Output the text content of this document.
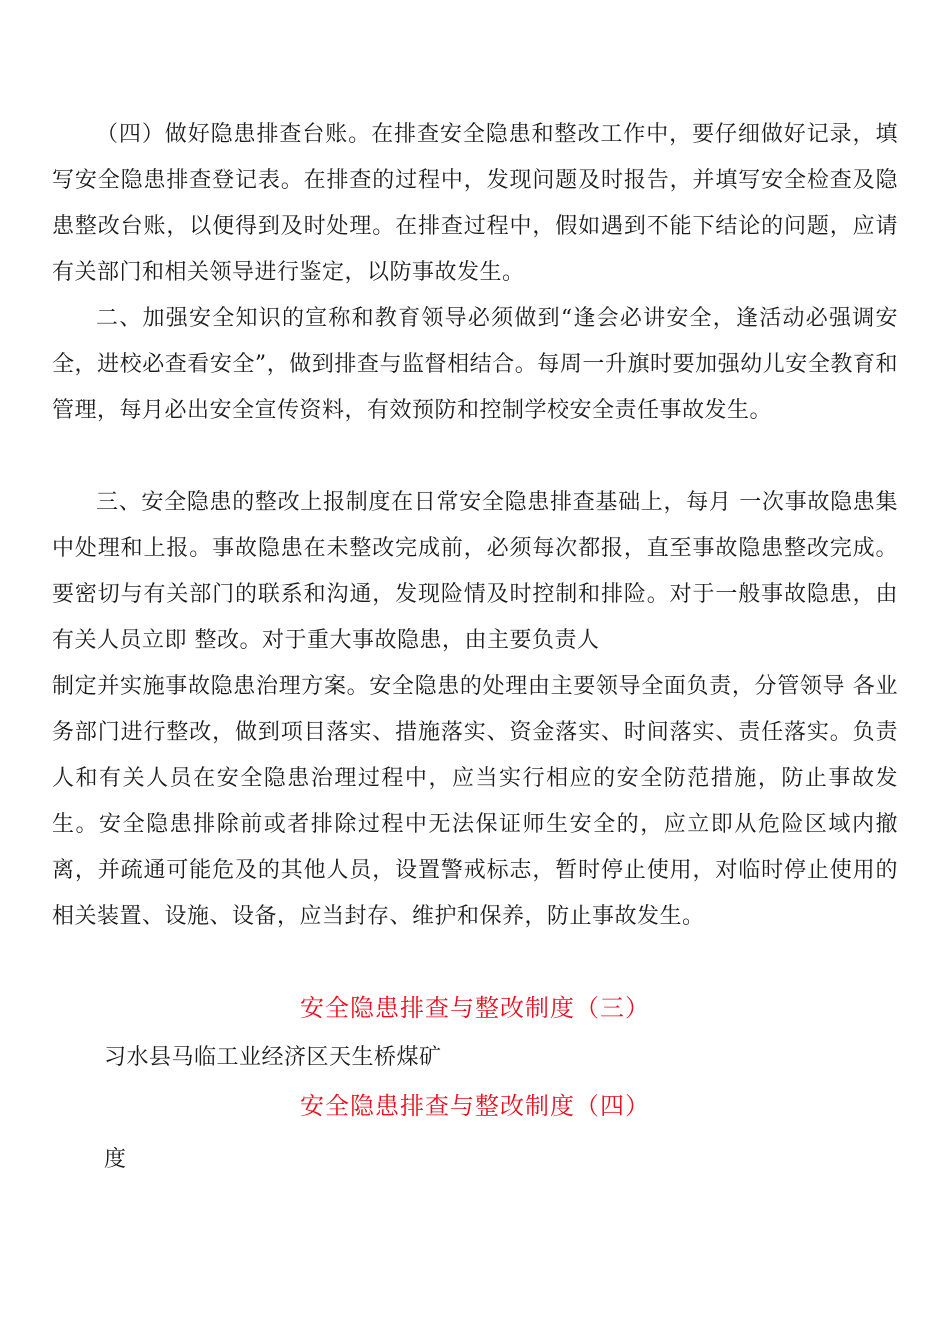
（四）做好隐患排查台账。在排查安全隐患和整改工作中，要仔细做好记录，填写安全隐患排查登记表。在排查的过程中，发现问题及时报告，并填写安全检查及隐患整改台账，以便得到及时处理。在排查过程中，假如遇到不能下结论的问题，应请有关部门和相关领导进行鉴定，以防事故发生。

二、加强安全知识的宣称和教育领导必须做到“逢会必讲安全，逢活动必强调安全，进校必查看安全”，做到排查与监督相结合。每周一升旗时要加强幼儿安全教育和管理，每月必出安全宣传资料，有效预防和控制学校安全责任事故发生。

三、安全隐患的整改上报制度在日常安全隐患排查基础上，每月 一次事故隐患集中处理和上报。事故隐患在未整改完成前，必须每次都报，直至事故隐患整改完成。要密切与有关部门的联系和沟通，发现险情及时控制和排险。对于一般事故隐患，由有关人员立即 整改。对于重大事故隐患，由主要负责人

制定并实施事故隐患治理方案。安全隐患的处理由主要领导全面负责，分管领导 各业务部门进行整改，做到项目落实、措施落实、资金落实、时间落实、责任落实。负责人和有关人员在安全隐患治理过程中，应当实行相应的安全防范措施，防止事故发生。安全隐患排除前或者排除过程中无法保证师生安全的，应立即从危险区域内撤离，并疏通可能危及的其他人员，设置警戒标志，暂时停止使用，对临时停止使用的相关装置、设施、设备，应当封存、维护和保养，防止事故发生。

安全隐患排查与整改制度（三）

习水县马临工业经济区天生桥煤矿

安全隐患排查与整改制度（四）

度
